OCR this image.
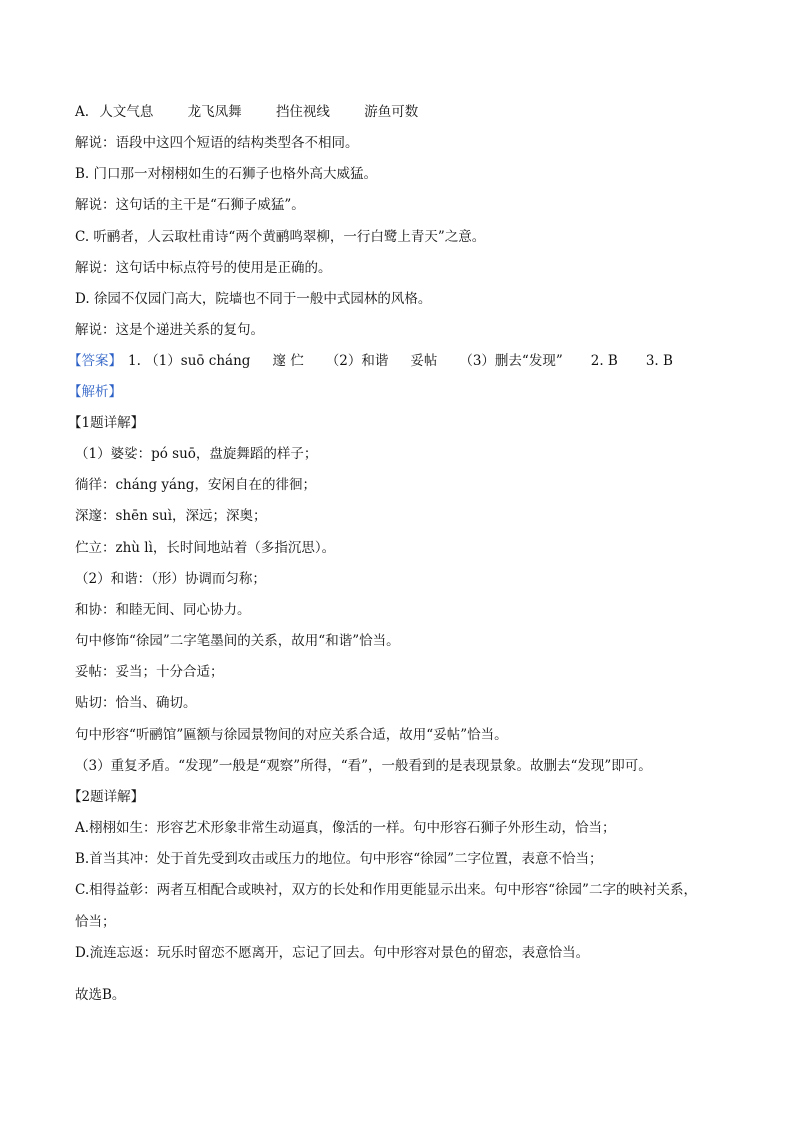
A. 人文气息	龙飞凤舞	挡住视线	游鱼可数
解说：语段中这四个短语的结构类型各不相同。
B. 门口那一对栩栩如生的石狮子也格外高大威猛。
解说：这句话的主干是“石狮子威猛”。
C. 听鹂者，人云取杜甫诗“两个黄鹂鸣翠柳，一行白鹭上青天”之意。
解说：这句话中标点符号的使用是正确的。
D. 徐园不仅园门高大，院墙也不同于一般中式园林的风格。
解说：这是个递进关系的复句。
【答案】 1. （1）suō cháng 邃 伫 （2）和谐 妥帖 （3）删去“发现” 2. B 3. B
【解析】
【1题详解】
（1）婆娑：pó suō，盘旋舞蹈的样子；
徜徉：cháng yáng，安闲自在的徘徊；
深邃：shēn suì，深远；深奥；
伫立：zhù lì，长时间地站着（多指沉思）。
（2）和谐：（形）协调而匀称；
和协：和睦无间、同心协力。
句中修饰“徐园”二字笔墨间的关系，故用“和谐”恰当。
妥帖：妥当；十分合适；
贴切：恰当、确切。
句中形容“听鹂馆”匾额与徐园景物间的对应关系合适，故用“妥帖”恰当。
（3）重复矛盾。“发现”一般是“观察”所得，“看”，一般看到的是表现景象。故删去“发现”即可。
【2题详解】
A.栩栩如生：形容艺术形象非常生动逼真，像活的一样。句中形容石狮子外形生动，恰当；
B.首当其冲：处于首先受到攻击或压力的地位。句中形容“徐园”二字位置，表意不恰当；
C.相得益彰：两者互相配合或映衬，双方的长处和作用更能显示出来。句中形容“徐园”二字的映衬关系，
恰当；
D.流连忘返：玩乐时留恋不愿离开，忘记了回去。句中形容对景色的留恋，表意恰当。
故选B。
